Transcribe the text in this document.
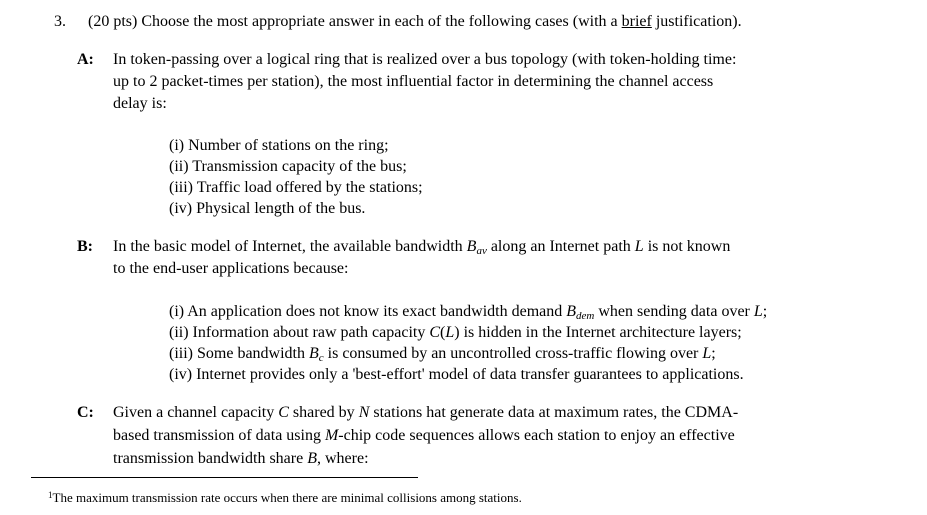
3. (20 pts) Choose the most appropriate answer in each of the following cases (with a brief justification).
A: In token-passing over a logical ring that is realized over a bus topology (with token-holding time:
up to 2 packet-times per station), the most influential factor in determining the channel access
delay is:
(i) Number of stations on the ring;
(ii) Transmission capacity of the bus;
(iii) Traffic load offered by the stations;
(iv) Physical length of the bus.
B: In the basic model of Internet, the available bandwidth $B_{av}$ along an Internet path L is not known
to the end-user applications because:
(i) An application does not know its exact bandwidth demand $B_{dem}$ when sending data over L;
(ii) Information about raw path capacity C(L) is hidden in the Internet architecture layers;
(iii) Some bandwidth $B_c$ is consumed by an uncontrolled cross-traffic flowing over L;
(iv) Internet provides only a 'best-effort' model of data transfer guarantees to applications.
C: Given a channel capacity C shared by N stations hat generate data at maximum rates, the CDMA-
based transmission of data using M-chip code sequences allows each station to enjoy an effective
transmission bandwidth share B, where:
$^1$The maximum transmission rate occurs when there are minimal collisions among stations.
